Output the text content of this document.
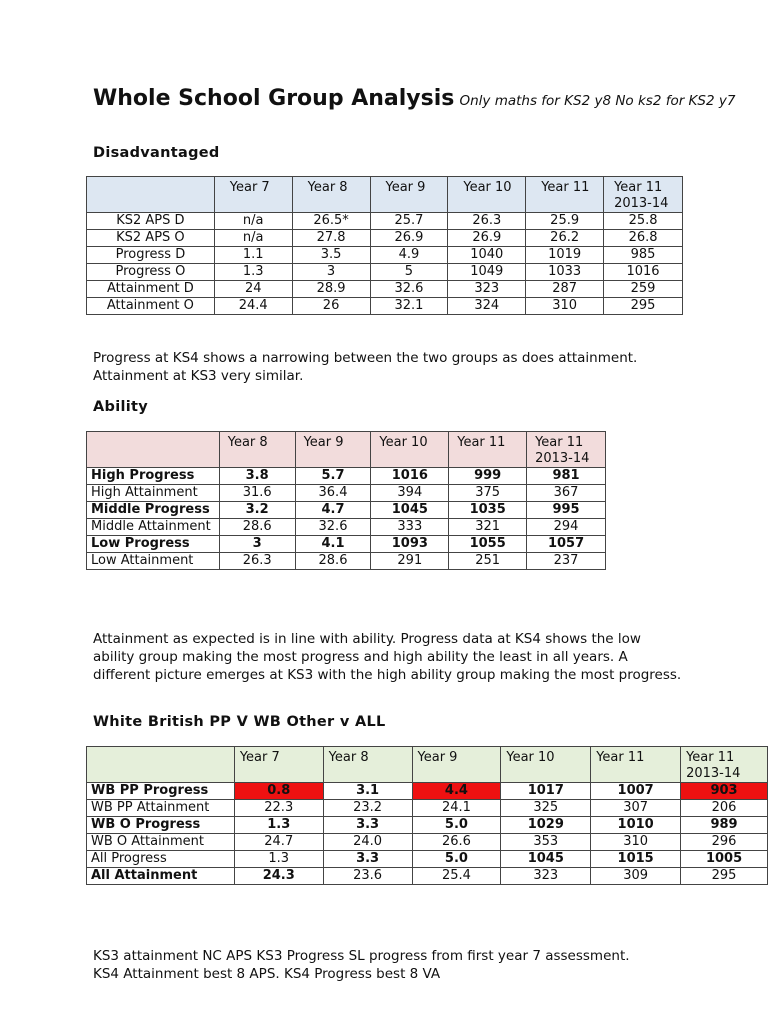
Whole School Group Analysis Only maths for KS2 y8 No ks2 for KS2 y7
Disadvantaged
	Year 7	Year 8	Year 9	Year 10	Year 11	Year 11 2013-14
KS2 APS D	n/a	26.5*	25.7	26.3	25.9	25.8
KS2 APS O	n/a	27.8	26.9	26.9	26.2	26.8
Progress D	1.1	3.5	4.9	1040	1019	985
Progress O	1.3	3	5	1049	1033	1016
Attainment D	24	28.9	32.6	323	287	259
Attainment O	24.4	26	32.1	324	310	295
Progress at KS4 shows a narrowing between the two groups as does attainment. Attainment at KS3 very similar.
Ability
	Year 8	Year 9	Year 10	Year 11	Year 11 2013-14
High Progress	3.8	5.7	1016	999	981
High Attainment	31.6	36.4	394	375	367
Middle Progress	3.2	4.7	1045	1035	995
Middle Attainment	28.6	32.6	333	321	294
Low Progress	3	4.1	1093	1055	1057
Low Attainment	26.3	28.6	291	251	237
Attainment as expected is in line with ability. Progress data at KS4 shows the low ability group making the most progress and high ability the least in all years. A different picture emerges at KS3 with the high ability group making the most progress.
White British PP V WB Other v ALL
	Year 7	Year 8	Year 9	Year 10	Year 11	Year 11 2013-14
WB PP Progress	0.8	3.1	4.4	1017	1007	903
WB PP Attainment	22.3	23.2	24.1	325	307	206
WB O Progress	1.3	3.3	5.0	1029	1010	989
WB O Attainment	24.7	24.0	26.6	353	310	296
All Progress	1.3	3.3	5.0	1045	1015	1005
All Attainment	24.3	23.6	25.4	323	309	295
KS3 attainment NC APS KS3 Progress SL progress from first year 7 assessment.
KS4 Attainment best 8 APS. KS4 Progress best 8 VA
